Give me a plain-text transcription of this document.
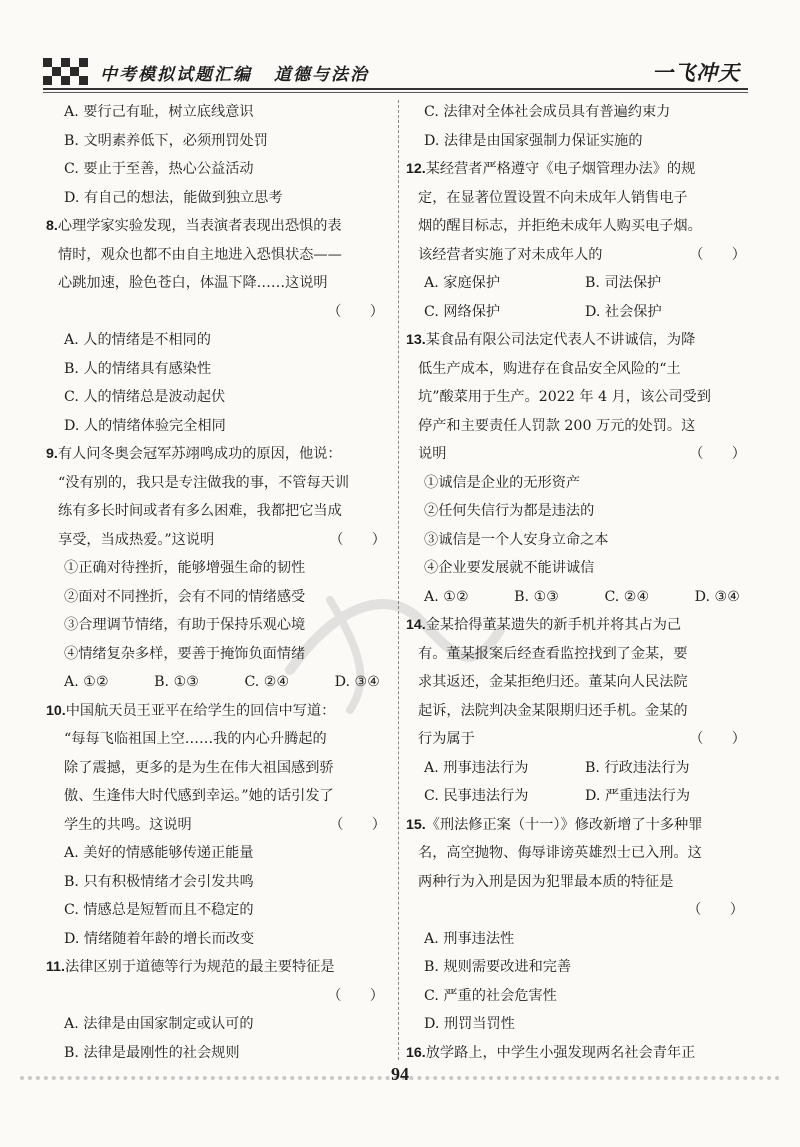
中考模拟试题汇编 道德与法治	一飞冲天
A. 要行己有耻，树立底线意识
B. 文明素养低下，必须刑罚处罚
C. 要止于至善，热心公益活动
D. 有自己的想法，能做到独立思考
8.心理学家实验发现，当表演者表现出恐惧的表
情时，观众也都不由自主地进入恐惧状态——
心跳加速，脸色苍白，体温下降……这说明
（　　）
A. 人的情绪是不相同的
B. 人的情绪具有感染性
C. 人的情绪总是波动起伏
D. 人的情绪体验完全相同
9.有人问冬奥会冠军苏翊鸣成功的原因，他说：
“没有别的，我只是专注做我的事，不管每天训
练有多长时间或者有多么困难，我都把它当成
享受，当成热爱。”这说明	（　　）
①正确对待挫折，能够增强生命的韧性
②面对不同挫折，会有不同的情绪感受
③合理调节情绪，有助于保持乐观心境
④情绪复杂多样，要善于掩饰负面情绪
A. ①②	B. ①③	C. ②④	D. ③④
10.中国航天员王亚平在给学生的回信中写道：
“每每飞临祖国上空……我的内心升腾起的
除了震撼，更多的是为生在伟大祖国感到骄
傲、生逢伟大时代感到幸运。”她的话引发了
学生的共鸣。这说明	（　　）
A. 美好的情感能够传递正能量
B. 只有积极情绪才会引发共鸣
C. 情感总是短暂而且不稳定的
D. 情绪随着年龄的增长而改变
11.法律区别于道德等行为规范的最主要特征是
（　　）
A. 法律是由国家制定或认可的
B. 法律是最刚性的社会规则
C. 法律对全体社会成员具有普遍约束力
D. 法律是由国家强制力保证实施的
12.某经营者严格遵守《电子烟管理办法》的规
定，在显著位置设置不向未成年人销售电子
烟的醒目标志，并拒绝未成年人购买电子烟。
该经营者实施了对未成年人的	（　　）
A. 家庭保护	B. 司法保护
C. 网络保护	D. 社会保护
13.某食品有限公司法定代表人不讲诚信，为降
低生产成本，购进存在食品安全风险的“土
坑”酸菜用于生产。2022 年 4 月，该公司受到
停产和主要责任人罚款 200 万元的处罚。这
说明	（　　）
①诚信是企业的无形资产
②任何失信行为都是违法的
③诚信是一个人安身立命之本
④企业要发展就不能讲诚信
A. ①②	B. ①③	C. ②④	D. ③④
14.金某拾得董某遗失的新手机并将其占为己
有。董某报案后经查看监控找到了金某，要
求其返还，金某拒绝归还。董某向人民法院
起诉，法院判决金某限期归还手机。金某的
行为属于	（　　）
A. 刑事违法行为	B. 行政违法行为
C. 民事违法行为	D. 严重违法行为
15.《刑法修正案（十一）》修改新增了十多种罪
名，高空抛物、侮辱诽谤英雄烈士已入刑。这
两种行为入刑是因为犯罪最本质的特征是
（　　）
A. 刑事违法性
B. 规则需要改进和完善
C. 严重的社会危害性
D. 刑罚当罚性
16.放学路上，中学生小强发现两名社会青年正
94
